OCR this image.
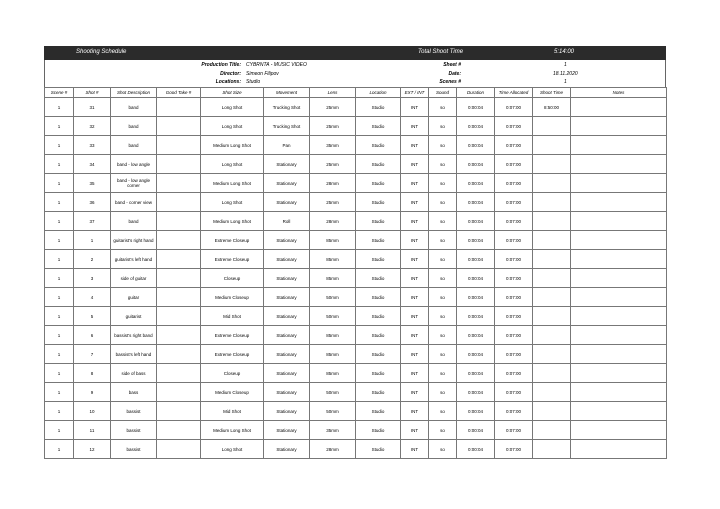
Shooting Schedule	Total Shoot Time	5:14:00
Production Title: CYBRNTA - MUSIC VIDEO	Sheet #	1
Director: Simeon Filipov	Date:	18.11.2020
Locations: Studio	Scenes #	1
Scene #	Shot #	Shot Description	Good Take #	Shot Size	Movement	Lens	Location	EXT / INT	Sound	Duration	Time Allocated	Shoot Time	Notes
1	31	band		Long Shot	Trucking Shot	25mm	Studio	INT	so	0:00:04	0:07:00	8:50:00	
1	32	band		Long Shot	Trucking Shot	25mm	Studio	INT	so	0:00:04	0:07:00		
1	33	band		Medium Long Shot	Pan	35mm	Studio	INT	so	0:00:04	0:07:00		
1	34	band - low angle		Long Shot	Stationary	25mm	Studio	INT	so	0:00:04	0:07:00		
1	35	band - low angle corner		Medium Long Shot	Stationary	28mm	Studio	INT	so	0:00:04	0:07:00		
1	36	band - corner view		Long Shot	Stationary	25mm	Studio	INT	so	0:00:04	0:07:00		
1	37	band		Medium Long Shot	Roll	28mm	Studio	INT	so	0:00:04	0:07:00		
1	1	guitarist's right hand		Extreme Closeup	Stationary	85mm	Studio	INT	so	0:00:04	0:07:00		
1	2	guitarist's left hand		Extreme Closeup	Stationary	85mm	Studio	INT	so	0:00:04	0:07:00		
1	3	side of guitar		Closeup	Stationary	85mm	Studio	INT	so	0:00:04	0:07:00		
1	4	guitar		Medium Closeup	Stationary	50mm	Studio	INT	so	0:00:04	0:07:00		
1	5	guitarist		Mid Shot	Stationary	50mm	Studio	INT	so	0:00:04	0:07:00		
1	6	bassist's right band		Extreme Closeup	Stationary	85mm	Studio	INT	so	0:00:04	0:07:00		
1	7	bassist's left hand		Extreme Closeup	Stationary	85mm	Studio	INT	so	0:00:04	0:07:00		
1	8	side of bass		Closeup	Stationary	85mm	Studio	INT	so	0:00:04	0:07:00		
1	9	bass		Medium Closeup	Stationary	50mm	Studio	INT	so	0:00:04	0:07:00		
1	10	bassist		Mid Shot	Stationary	50mm	Studio	INT	so	0:00:04	0:07:00		
1	11	bassist		Medium Long Shot	Stationary	35mm	Studio	INT	so	0:00:04	0:07:00		
1	12	bassist		Long Shot	Stationary	28mm	Studio	INT	so	0:00:04	0:07:00		
